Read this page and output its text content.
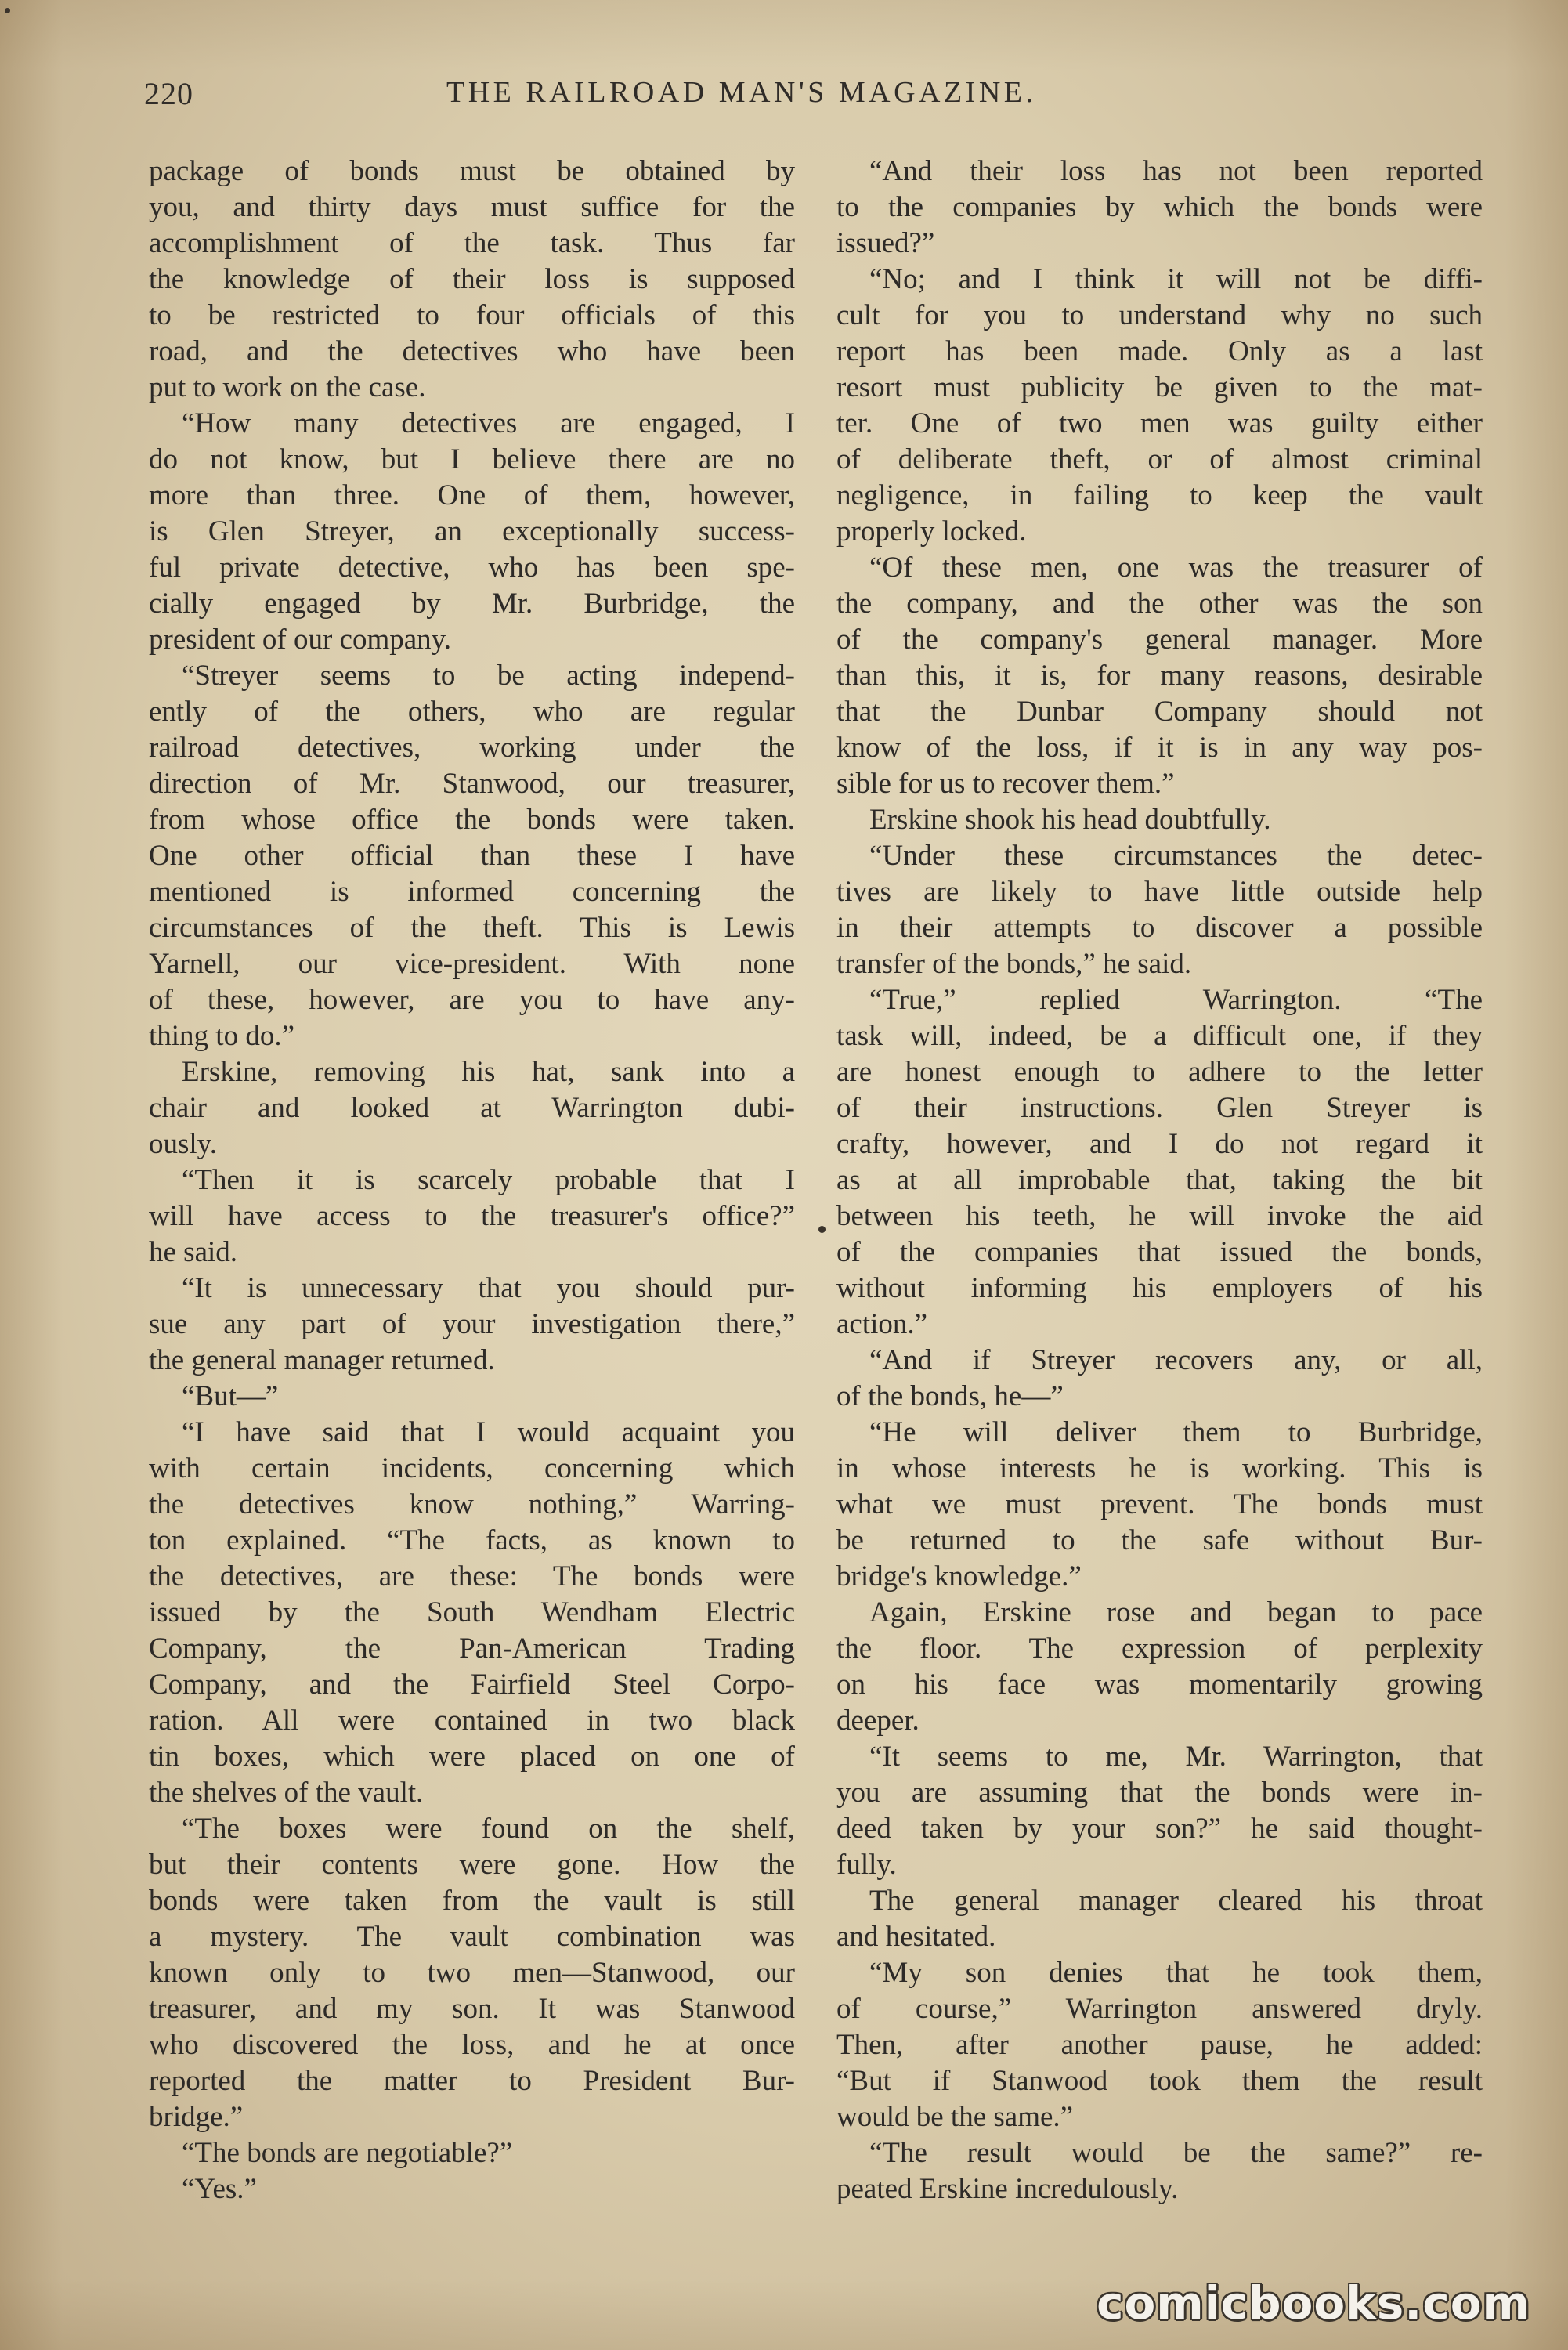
220	THE RAILROAD MAN'S MAGAZINE.
package of bonds must be obtained by
you, and thirty days must suffice for the
accomplishment of the task. Thus far
the knowledge of their loss is supposed
to be restricted to four officials of this
road, and the detectives who have been
put to work on the case.
“How many detectives are engaged, I
do not know, but I believe there are no
more than three. One of them, however,
is Glen Streyer, an exceptionally success-
ful private detective, who has been spe-
cially engaged by Mr. Burbridge, the
president of our company.
“Streyer seems to be acting independ-
ently of the others, who are regular
railroad detectives, working under the
direction of Mr. Stanwood, our treasurer,
from whose office the bonds were taken.
One other official than these I have
mentioned is informed concerning the
circumstances of the theft. This is Lewis
Yarnell, our vice-president. With none
of these, however, are you to have any-
thing to do.”
Erskine, removing his hat, sank into a
chair and looked at Warrington dubi-
ously.
“Then it is scarcely probable that I
will have access to the treasurer's office?”
he said.
“It is unnecessary that you should pur-
sue any part of your investigation there,”
the general manager returned.
“But—”
“I have said that I would acquaint you
with certain incidents, concerning which
the detectives know nothing,” Warring-
ton explained. “The facts, as known to
the detectives, are these: The bonds were
issued by the South Wendham Electric
Company, the Pan-American Trading
Company, and the Fairfield Steel Corpo-
ration. All were contained in two black
tin boxes, which were placed on one of
the shelves of the vault.
“The boxes were found on the shelf,
but their contents were gone. How the
bonds were taken from the vault is still
a mystery. The vault combination was
known only to two men—Stanwood, our
treasurer, and my son. It was Stanwood
who discovered the loss, and he at once
reported the matter to President Bur-
bridge.”
“The bonds are negotiable?”
“Yes.”
“And their loss has not been reported
to the companies by which the bonds were
issued?”
“No; and I think it will not be diffi-
cult for you to understand why no such
report has been made. Only as a last
resort must publicity be given to the mat-
ter. One of two men was guilty either
of deliberate theft, or of almost criminal
negligence, in failing to keep the vault
properly locked.
“Of these men, one was the treasurer of
the company, and the other was the son
of the company's general manager. More
than this, it is, for many reasons, desirable
that the Dunbar Company should not
know of the loss, if it is in any way pos-
sible for us to recover them.”
Erskine shook his head doubtfully.
“Under these circumstances the detec-
tives are likely to have little outside help
in their attempts to discover a possible
transfer of the bonds,” he said.
“True,” replied Warrington. “The
task will, indeed, be a difficult one, if they
are honest enough to adhere to the letter
of their instructions. Glen Streyer is
crafty, however, and I do not regard it
as at all improbable that, taking the bit
between his teeth, he will invoke the aid
of the companies that issued the bonds,
without informing his employers of his
action.”
“And if Streyer recovers any, or all,
of the bonds, he—”
“He will deliver them to Burbridge,
in whose interests he is working. This is
what we must prevent. The bonds must
be returned to the safe without Bur-
bridge's knowledge.”
Again, Erskine rose and began to pace
the floor. The expression of perplexity
on his face was momentarily growing
deeper.
“It seems to me, Mr. Warrington, that
you are assuming that the bonds were in-
deed taken by your son?” he said thought-
fully.
The general manager cleared his throat
and hesitated.
“My son denies that he took them,
of course,” Warrington answered dryly.
Then, after another pause, he added:
“But if Stanwood took them the result
would be the same.”
“The result would be the same?” re-
peated Erskine incredulously.
comicbooks.com
